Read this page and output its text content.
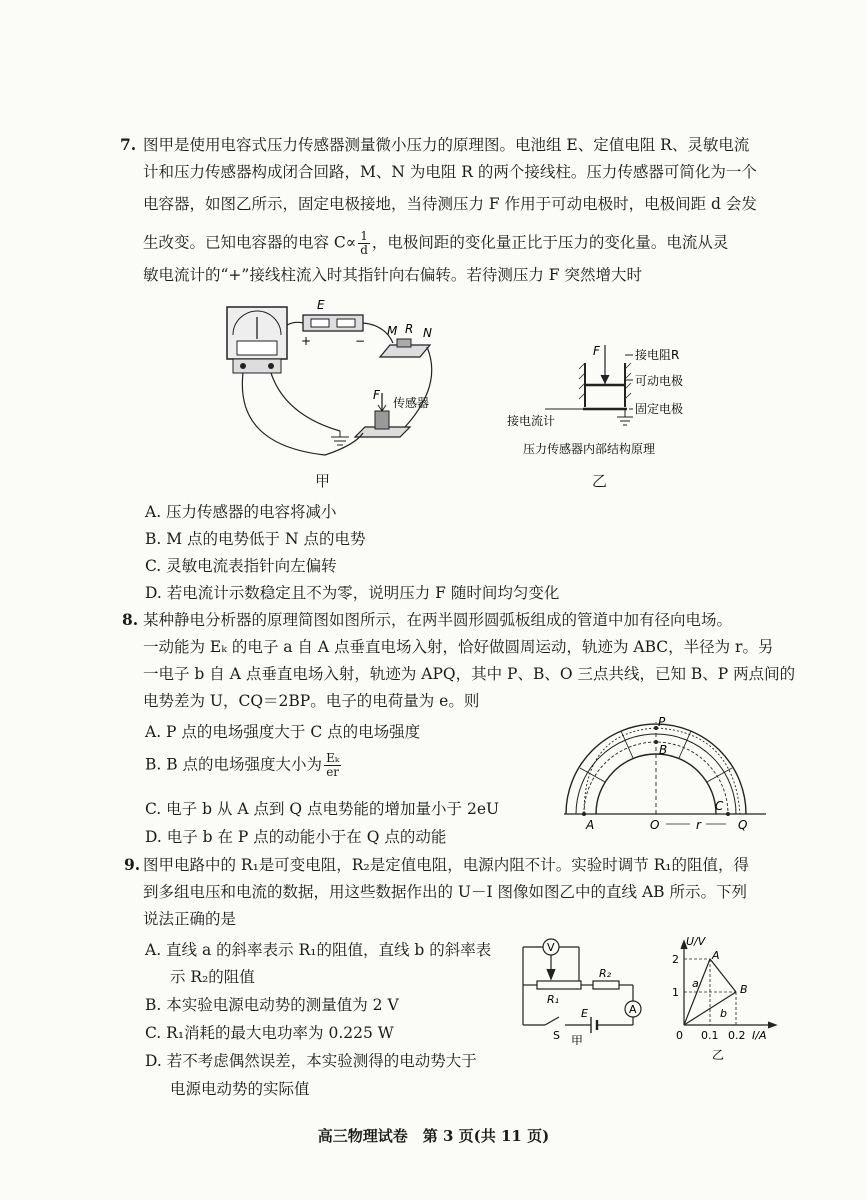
7. 图甲是使用电容式压力传感器测量微小压力的原理图。电池组 E、定值电阻 R、灵敏电流
计和压力传感器构成闭合回路，M、N 为电阻 R 的两个接线柱。压力传感器可简化为一个
电容器，如图乙所示，固定电极接地，当待测压力 F 作用于可动电极时，电极间距 d 会发
生改变。已知电容器的电容 $C\propto \frac{1}{d}$ ，电极间距的变化量正比于压力的变化量。电流从灵
敏电流计的“+”接线柱流入时其指针向右偏转。若待测压力 F 突然增大时
E
+	−
M R N
F
传感器
甲
F	接电阻R
可动电极
固定电极
接电流计
压力传感器内部结构原理
乙
A. 压力传感器的电容将减小
B. M 点的电势低于 N 点的电势
C. 灵敏电流表指针向左偏转
D. 若电流计示数稳定且不为零，说明压力 F 随时间均匀变化
8. 某种静电分析器的原理简图如图所示，在两半圆形圆弧板组成的管道中加有径向电场。
一动能为 Eₖ 的电子 a 自 A 点垂直电场入射，恰好做圆周运动，轨迹为 ABC，半径为 r。另
一电子 b 自 A 点垂直电场入射，轨迹为 APQ，其中 P、B、O 三点共线，已知 B、P 两点间的
电势差为 U，CQ＝2BP。电子的电荷量为 e。则
A. P 点的电场强度大于 C 点的电场强度
B. B 点的电场强度大小为 $\frac{\text{Eₖ}}{er}$
C. 电子 b 从 A 点到 Q 点电势能的增加量小于 2eU
D. 电子 b 在 P 点的动能小于在 Q 点的动能
P
B
C
A	O	r	Q
9. 图甲电路中的 R₁是可变电阻，R₂是定值电阻，电源内阻不计。实验时调节 R₁的阻值，得
到多组电压和电流的数据，用这些数据作出的 U－I 图像如图乙中的直线 AB 所示。下列
说法正确的是
A. 直线 a 的斜率表示 R₁的阻值，直线 b 的斜率表
示 R₂的阻值
B. 本实验电源电动势的测量值为 2 V
C. R₁消耗的最大电功率为 0.225 W
D. 若不考虑偶然误差，本实验测得的电动势大于
电源电动势的实际值
V
A
R₁
R₂
S
E
甲
U/V
I/A
2
1
0 0.1 0.2
A
B
a
b
乙
高三物理试卷　第 3 页(共 11 页)
